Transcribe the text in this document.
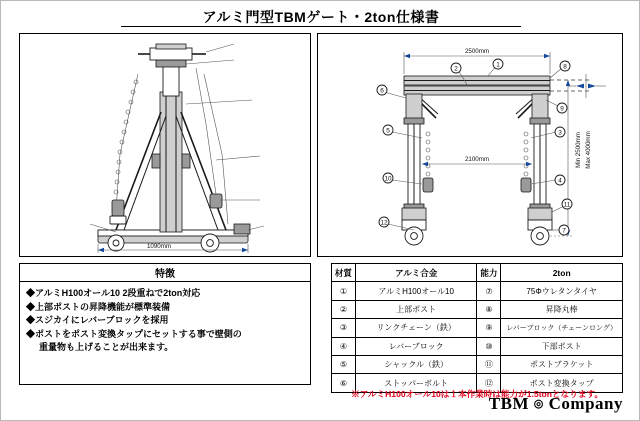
アルミ門型TBMゲート・2ton仕様書
1090mm
2500mm
2100mm	Min 2500mm Max 4000mm
1
2	8
9
3
4
11
7
6
5
10
12
特徴
◆アルミH100オール10 2段重ねで2ton対応
◆上部ポストの昇降機能が標準装備
◆スジカイにレバーブロックを採用
◆ポストをポスト変換タップにセットする事で壁側の
重量物も上げることが出来ます。
材質	アルミ合金	能力	2ton
①	アルミH100オール10	⑦	75Φウレタンタイヤ
②	上部ポスト	⑧	昇降丸棒
③	リンクチェーン（鉄）	⑨	レバーブロック（チェーンロング）
④	レバーブロック	⑩	下部ポスト
⑤	シャックル（鉄）	⑪	ポストブラケット
⑥	ストッパーボルト	⑫	ポスト変換タップ
※アルミH100オール10は１本作業時は能力が1.5tonとなります。
TBM ◎ Company
